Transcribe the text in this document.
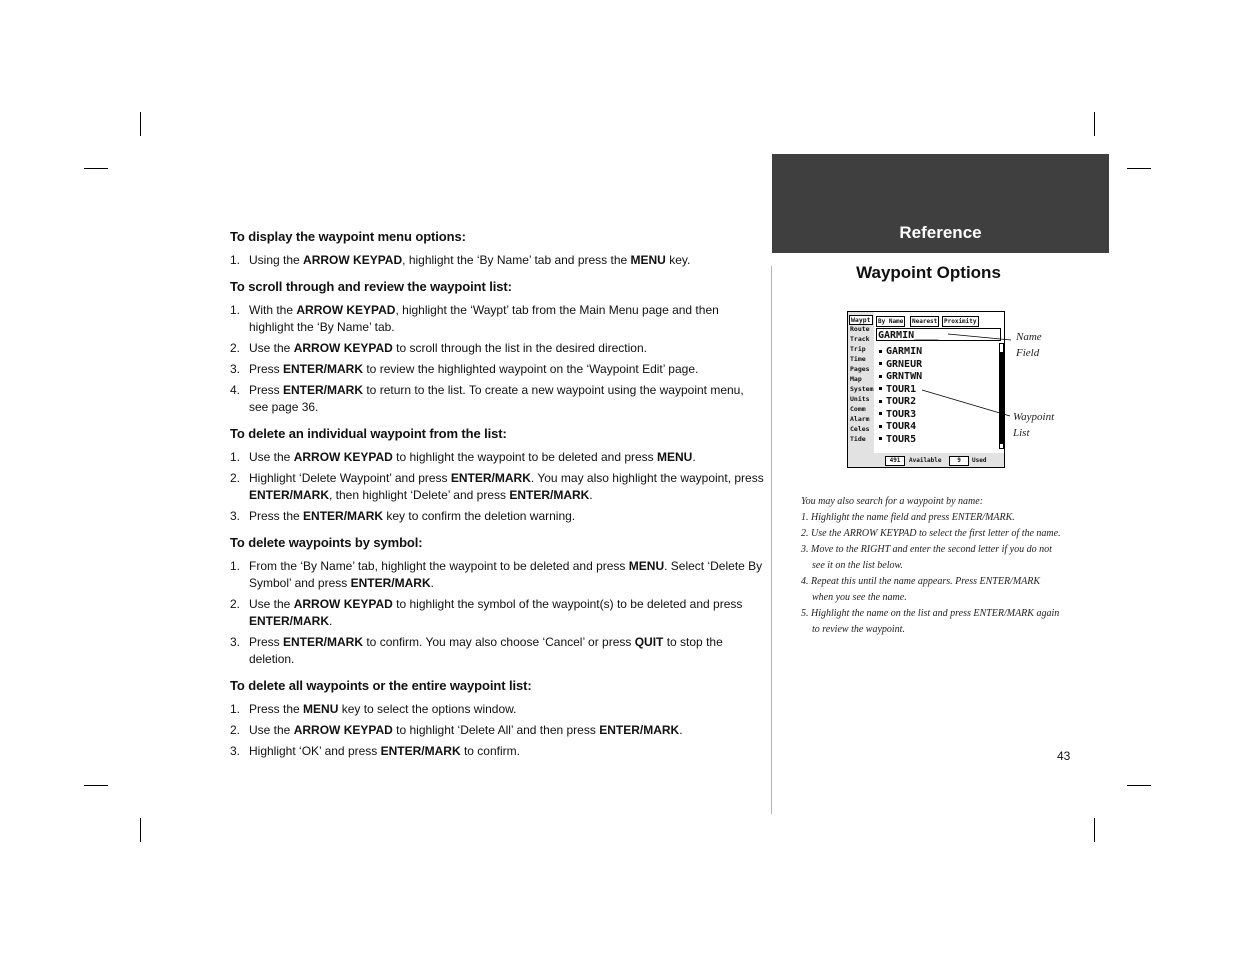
To display the waypoint menu options:
1. Using the ARROW KEYPAD, highlight the ‘By Name’ tab and press the MENU key.
To scroll through and review the waypoint list:
1. With the ARROW KEYPAD, highlight the ‘Waypt’ tab from the Main Menu page and then highlight the ‘By Name’ tab.
2. Use the ARROW KEYPAD to scroll through the list in the desired direction.
3. Press ENTER/MARK to review the highlighted waypoint on the ‘Waypoint Edit’ page.
4. Press ENTER/MARK to return to the list. To create a new waypoint using the waypoint menu, see page 36.
To delete an individual waypoint from the list:
1. Use the ARROW KEYPAD to highlight the waypoint to be deleted and press MENU.
2. Highlight ‘Delete Waypoint’ and press ENTER/MARK. You may also highlight the waypoint, press ENTER/MARK, then highlight ‘Delete’ and press ENTER/MARK.
3. Press the ENTER/MARK key to confirm the deletion warning.
To delete waypoints by symbol:
1. From the ‘By Name’ tab, highlight the waypoint to be deleted and press MENU. Select ‘Delete By Symbol’ and press ENTER/MARK.
2. Use the ARROW KEYPAD to highlight the symbol of the waypoint(s) to be deleted and press ENTER/MARK.
3. Press ENTER/MARK to confirm. You may also choose ‘Cancel’ or press QUIT to stop the deletion.
To delete all waypoints or the entire waypoint list:
1. Press the MENU key to select the options window.
2. Use the ARROW KEYPAD to highlight ‘Delete All’ and then press ENTER/MARK.
3. Highlight ‘OK’ and press ENTER/MARK to confirm.
Reference
Waypoint Options
Waypt
Route
Track
Trip
Time
Pages
Map
System
Units
Comm
Alarm
Celes
Tide
By Name	Nearest	Proximity
GARMIN____
GARMIN
GRNEUR
GRNTWN
TOUR1
TOUR2
TOUR3
TOUR4
TOUR5
491	Available	9	Used
Name
Field
Waypoint
List

You may also search for a waypoint by name:

1. Highlight the name field and press ENTER/MARK.

2. Use the ARROW KEYPAD to select the first letter of the name.

3. Move to the RIGHT and enter the second letter if you do not see it on the list below.

4. Repeat this until the name appears. Press ENTER/MARK when you see the name.

5. Highlight the name on the list and press ENTER/MARK again to review the waypoint.

43
